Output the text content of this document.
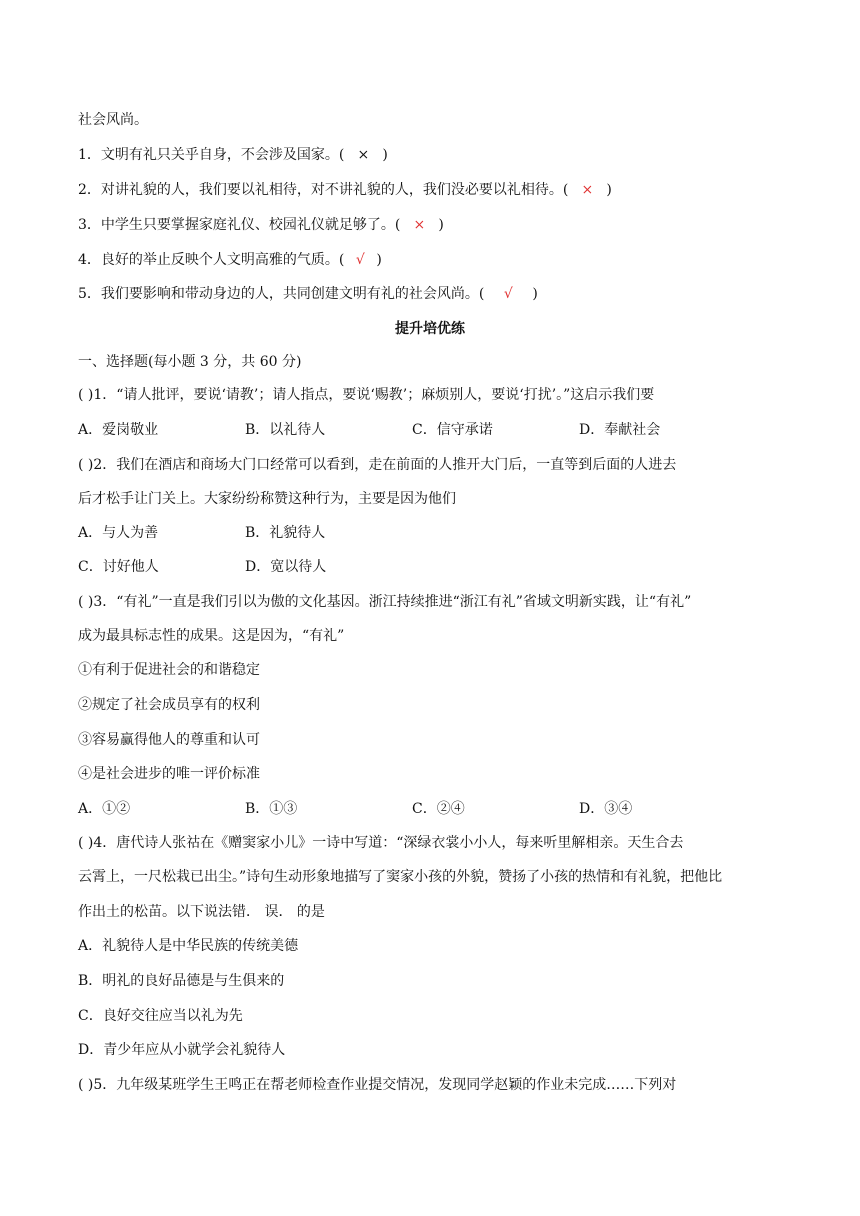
社会风尚。
1．文明有礼只关乎自身，不会涉及国家。( × )
2．对讲礼貌的人，我们要以礼相待，对不讲礼貌的人，我们没必要以礼相待。( × )
3．中学生只要掌握家庭礼仪、校园礼仪就足够了。( × )
4．良好的举止反映个人文明高雅的气质。( √ )
5．我们要影响和带动身边的人，共同创建文明有礼的社会风尚。( √ )
提升培优练
一、选择题(每小题 3 分，共 60 分)
( )1．“请人批评，要说‘请教’；请人指点，要说‘赐教’；麻烦别人，要说‘打扰’。”这启示我们要
A．爱岗敬业	B．以礼待人	C．信守承诺	D．奉献社会
( )2．我们在酒店和商场大门口经常可以看到，走在前面的人推开大门后，一直等到后面的人进去
后才松手让门关上。大家纷纷称赞这种行为，主要是因为他们
A．与人为善	B．礼貌待人
C．讨好他人	D．宽以待人
( )3．“有礼”一直是我们引以为傲的文化基因。浙江持续推进“浙江有礼”省域文明新实践，让“有礼”
成为最具标志性的成果。这是因为，“有礼”
①有利于促进社会的和谐稳定
②规定了社会成员享有的权利
③容易赢得他人的尊重和认可
④是社会进步的唯一评价标准
A．①②	B．①③	C．②④	D．③④
( )4．唐代诗人张祜在《赠窦家小儿》一诗中写道：“深绿衣裳小小人，每来听里解相亲。天生合去
云霄上，一尺松栽已出尘。”诗句生动形象地描写了窦家小孩的外貌，赞扬了小孩的热情和有礼貌，把他比
作出土的松苗。以下说法错． 误． 的是
A．礼貌待人是中华民族的传统美德
B．明礼的良好品德是与生俱来的
C．良好交往应当以礼为先
D．青少年应从小就学会礼貌待人
( )5．九年级某班学生王鸣正在帮老师检查作业提交情况，发现同学赵颖的作业未完成……下列对
